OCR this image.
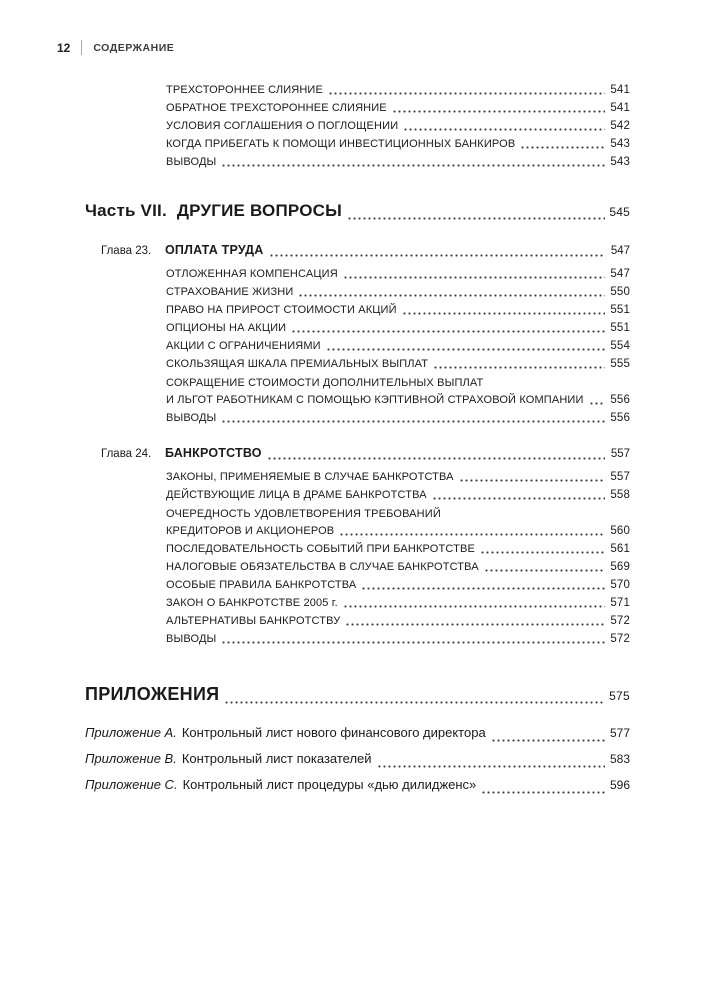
12 СОДЕРЖАНИЕ
ТРЕХСТОРОННЕЕ СЛИЯНИЕ	541
ОБРАТНОЕ ТРЕХСТОРОННЕЕ СЛИЯНИЕ	541
УСЛОВИЯ СОГЛАШЕНИЯ О ПОГЛОЩЕНИИ	542
КОГДА ПРИБЕГАТЬ К ПОМОЩИ ИНВЕСТИЦИОННЫХ БАНКИРОВ	543
ВЫВОДЫ	543
Часть VII. ДРУГИЕ ВОПРОСЫ	545
Глава 23.	ОПЛАТА ТРУДА	547
ОТЛОЖЕННАЯ КОМПЕНСАЦИЯ	547
СТРАХОВАНИЕ ЖИЗНИ	550
ПРАВО НА ПРИРОСТ СТОИМОСТИ АКЦИЙ	551
ОПЦИОНЫ НА АКЦИИ	551
АКЦИИ С ОГРАНИЧЕНИЯМИ	554
СКОЛЬЗЯЩАЯ ШКАЛА ПРЕМИАЛЬНЫХ ВЫПЛАТ	555
СОКРАЩЕНИЕ СТОИМОСТИ ДОПОЛНИТЕЛЬНЫХ ВЫПЛАТ
И ЛЬГОТ РАБОТНИКАМ С ПОМОЩЬЮ КЭПТИВНОЙ СТРАХОВОЙ КОМПАНИИ 556
ВЫВОДЫ	556
Глава 24.	БАНКРОТСТВО	557
ЗАКОНЫ, ПРИМЕНЯЕМЫЕ В СЛУЧАЕ БАНКРОТСТВА	557
ДЕЙСТВУЮЩИЕ ЛИЦА В ДРАМЕ БАНКРОТСТВА	558
ОЧЕРЕДНОСТЬ УДОВЛЕТВОРЕНИЯ ТРЕБОВАНИЙ
КРЕДИТОРОВ И АКЦИОНЕРОВ	560
ПОСЛЕДОВАТЕЛЬНОСТЬ СОБЫТИЙ ПРИ БАНКРОТСТВЕ	561
НАЛОГОВЫЕ ОБЯЗАТЕЛЬСТВА В СЛУЧАЕ БАНКРОТСТВА	569
ОСОБЫЕ ПРАВИЛА БАНКРОТСТВА	570
ЗАКОН О БАНКРОТСТВЕ 2005 г.	571
АЛЬТЕРНАТИВЫ БАНКРОТСТВУ	572
ВЫВОДЫ	572
ПРИЛОЖЕНИЯ	575
Приложение A. Контрольный лист нового финансового директора	577
Приложение B. Контрольный лист показателей	583
Приложение C. Контрольный лист процедуры «дью дилидженс»	596
